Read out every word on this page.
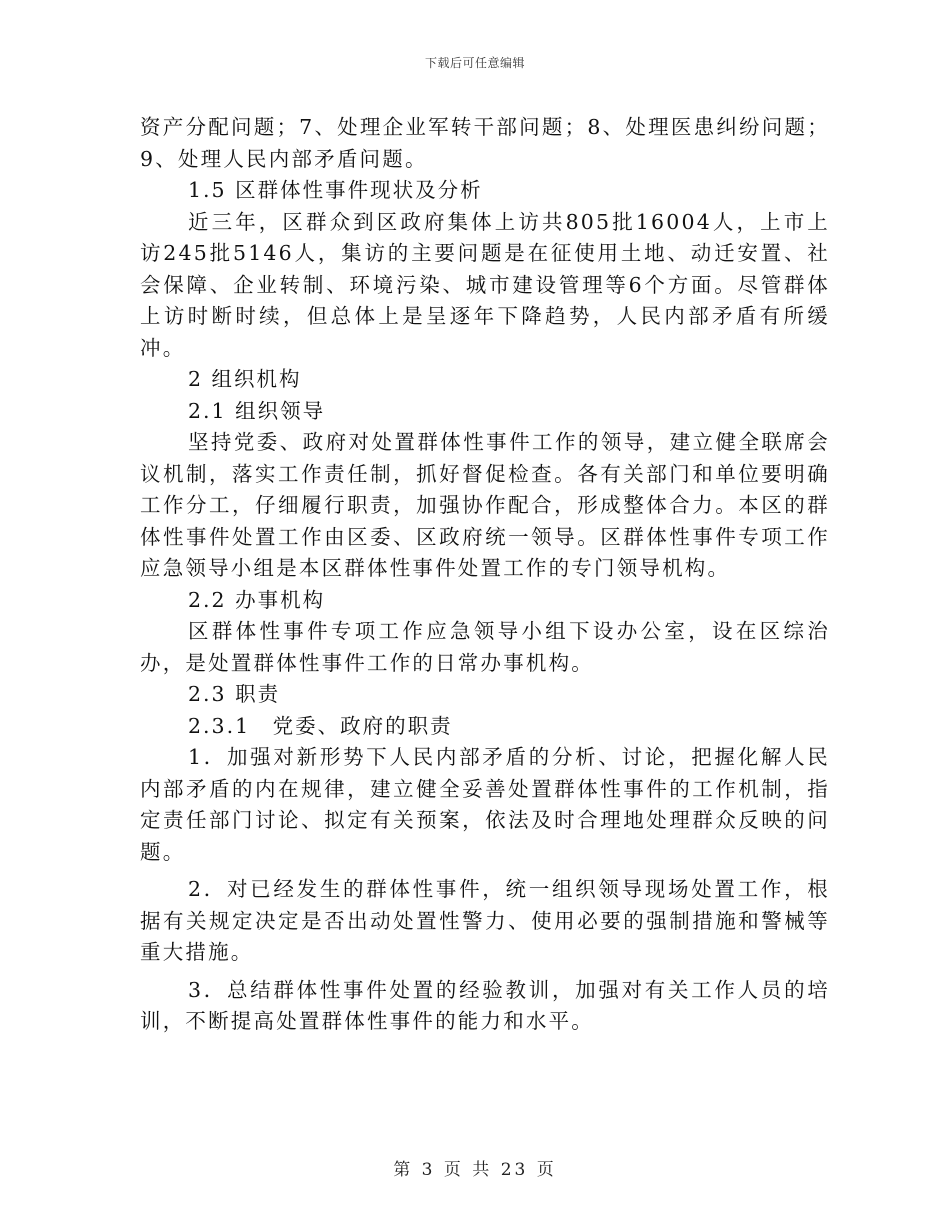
下载后可任意编辑

资产分配问题；7、处理企业军转干部问题；8、处理医患纠纷问题；9、处理人民内部矛盾问题。

1.5 区群体性事件现状及分析

近三年，区群众到区政府集体上访共805批16004人，上市上访245批5146人，集访的主要问题是在征使用土地、动迁安置、社会保障、企业转制、环境污染、城市建设管理等6个方面。尽管群体上访时断时续，但总体上是呈逐年下降趋势，人民内部矛盾有所缓冲。

2 组织机构

2.1 组织领导

坚持党委、政府对处置群体性事件工作的领导，建立健全联席会议机制，落实工作责任制，抓好督促检查。各有关部门和单位要明确工作分工，仔细履行职责，加强协作配合，形成整体合力。本区的群体性事件处置工作由区委、区政府统一领导。区群体性事件专项工作应急领导小组是本区群体性事件处置工作的专门领导机构。

2.2 办事机构

区群体性事件专项工作应急领导小组下设办公室，设在区综治办，是处置群体性事件工作的日常办事机构。

2.3 职责

2.3.1　党委、政府的职责

1．加强对新形势下人民内部矛盾的分析、讨论，把握化解人民内部矛盾的内在规律，建立健全妥善处置群体性事件的工作机制，指定责任部门讨论、拟定有关预案，依法及时合理地处理群众反映的问题。

2．对已经发生的群体性事件，统一组织领导现场处置工作，根据有关规定决定是否出动处置性警力、使用必要的强制措施和警械等重大措施。

3．总结群体性事件处置的经验教训，加强对有关工作人员的培训，不断提高处置群体性事件的能力和水平。

第 3 页 共 23 页
